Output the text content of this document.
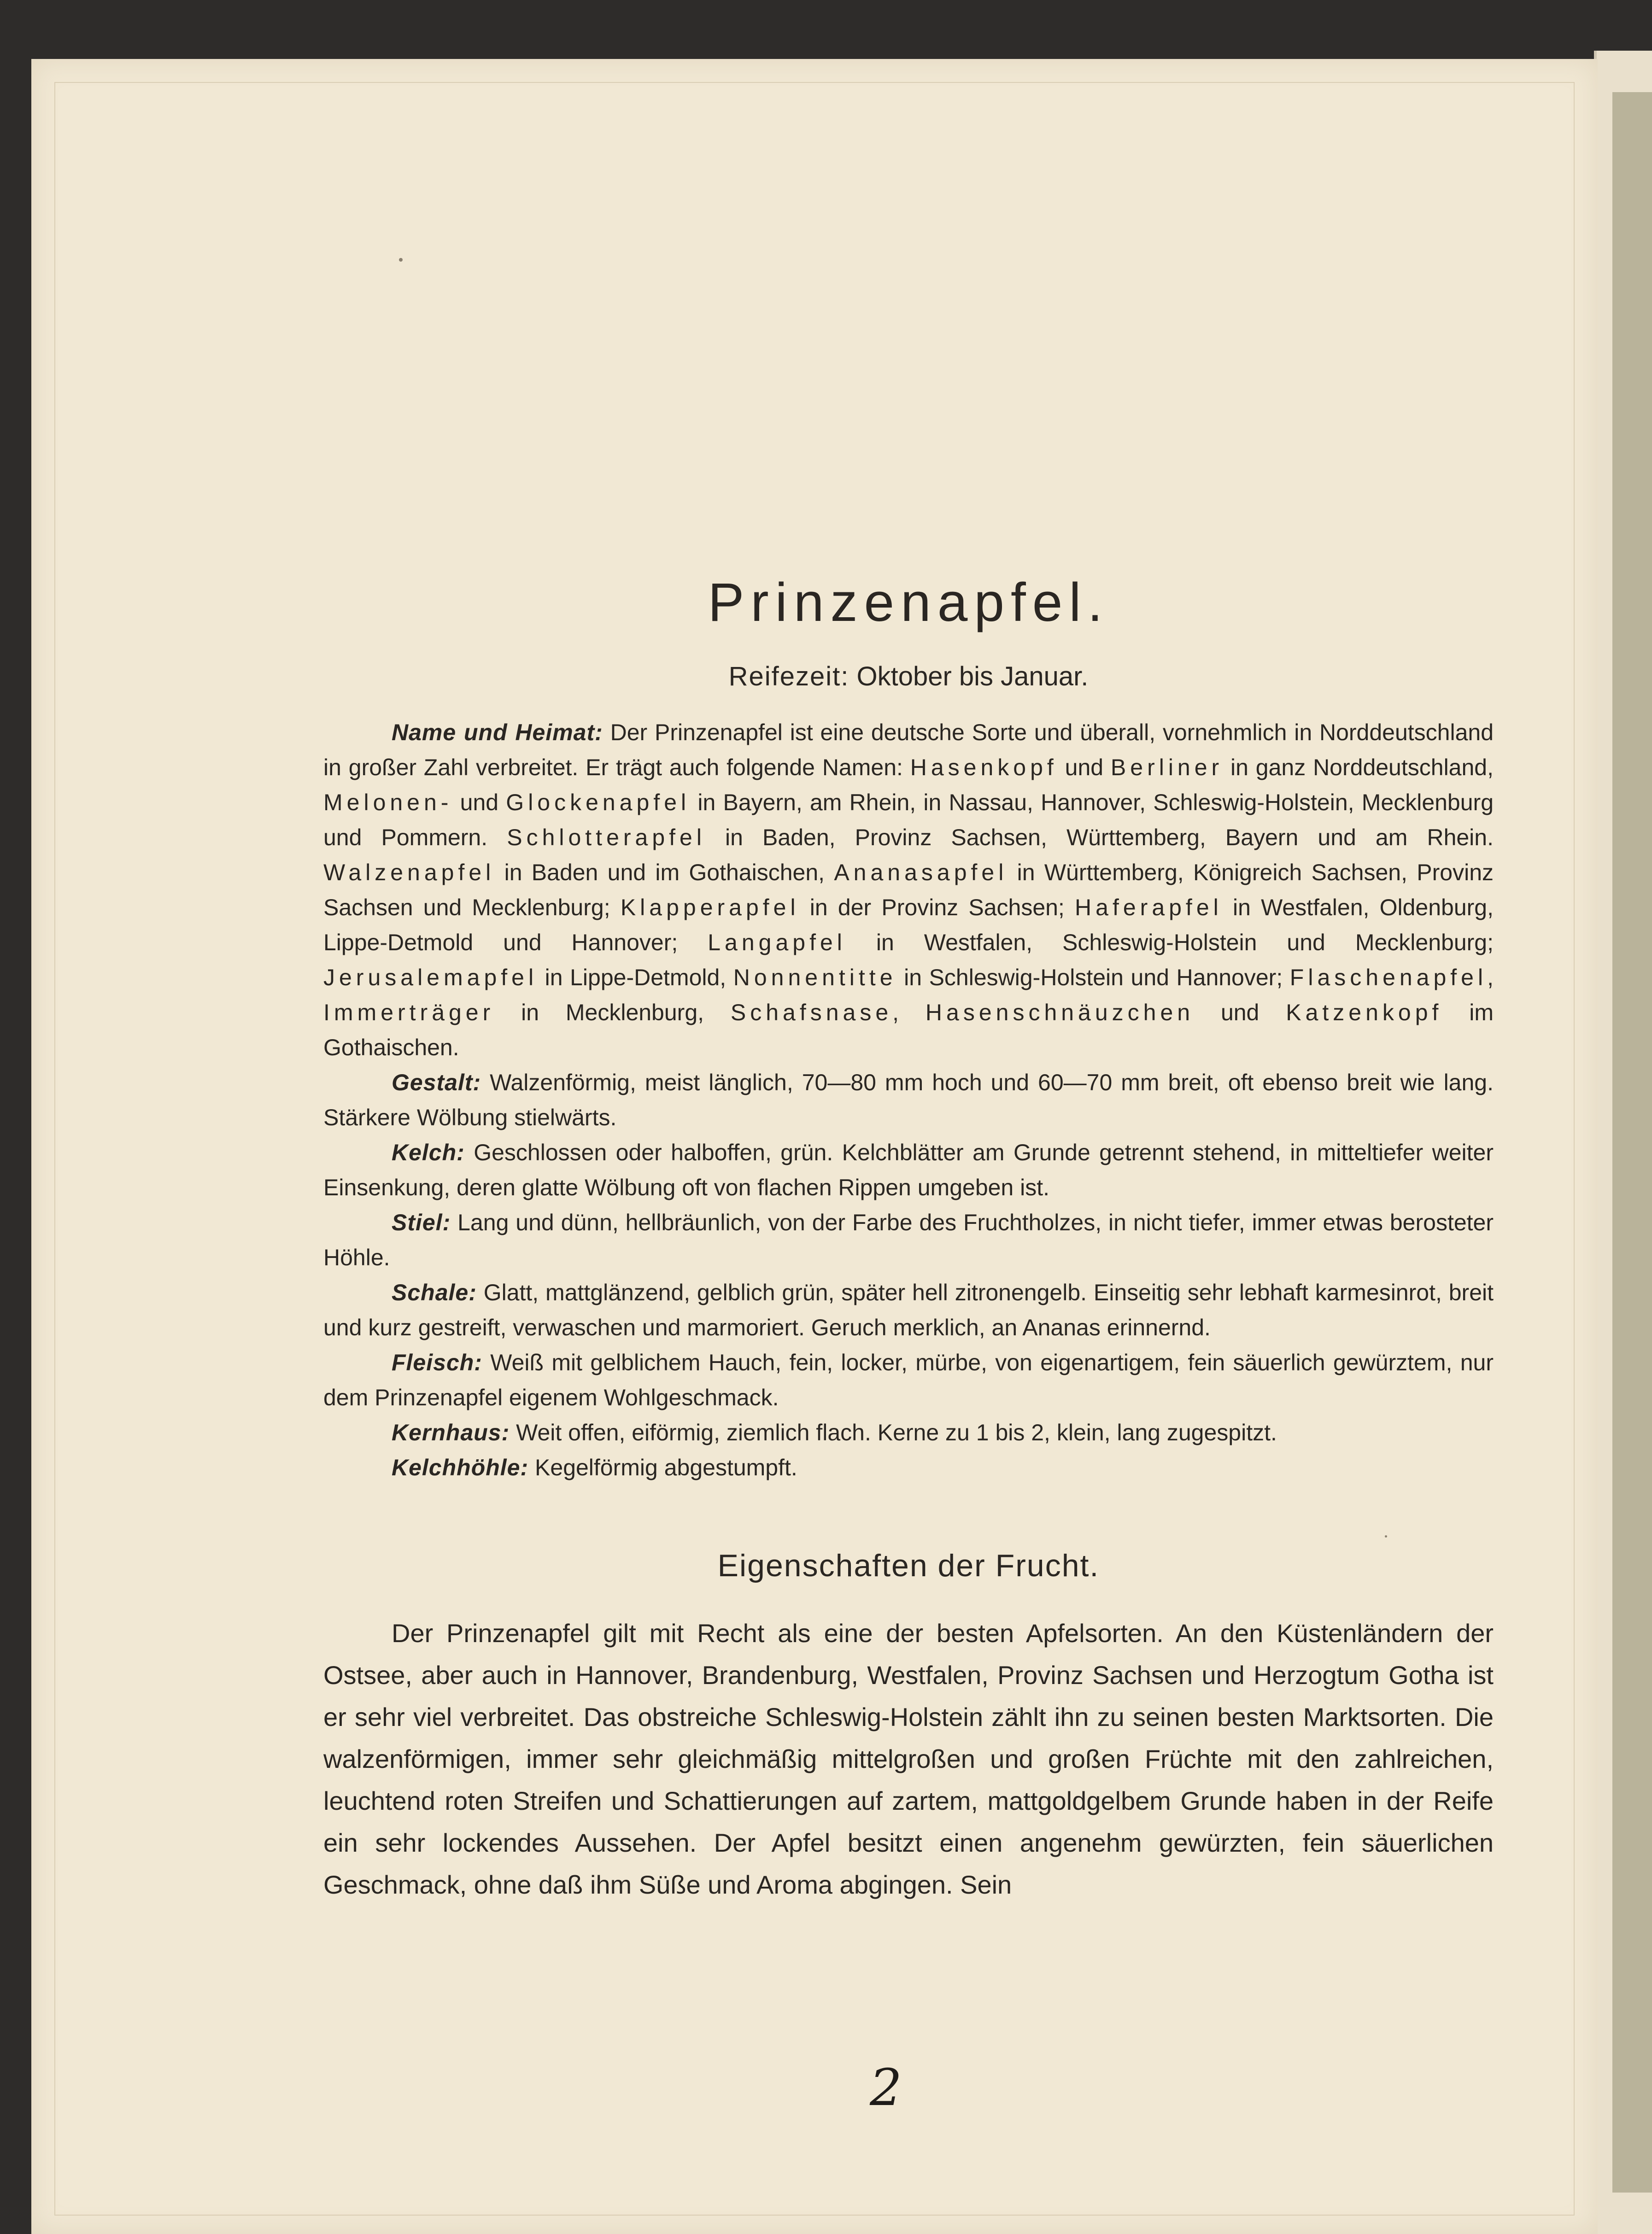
Prinzenapfel.
Reifezeit: Oktober bis Januar.

Name und Heimat: Der Prinzenapfel ist eine deutsche Sorte und überall, vornehmlich in Norddeutschland in großer Zahl verbreitet. Er trägt auch folgende Namen: Hasenkopf und Berliner in ganz Norddeutschland, Melonen- und Glockenapfel in Bayern, am Rhein, in Nassau, Hannover, Schleswig-Holstein, Mecklenburg und Pommern. Schlotterapfel in Baden, Provinz Sachsen, Württemberg, Bayern und am Rhein. Walzenapfel in Baden und im Gothaischen, Ananasapfel in Württemberg, Königreich Sachsen, Provinz Sachsen und Mecklenburg; Klapperapfel in der Provinz Sachsen; Haferapfel in Westfalen, Oldenburg, Lippe-Detmold und Hannover; Langapfel in Westfalen, Schleswig-Holstein und Mecklenburg; Jerusalemapfel in Lippe-Detmold, Nonnentitte in Schleswig-Holstein und Hannover; Flaschenapfel, Immerträger in Mecklenburg, Schafsnase, Hasenschnäuzchen und Katzenkopf im Gothaischen.

Gestalt: Walzenförmig, meist länglich, 70—80 mm hoch und 60—70 mm breit, oft ebenso breit wie lang. Stärkere Wölbung stielwärts.

Kelch: Geschlossen oder halboffen, grün. Kelchblätter am Grunde getrennt stehend, in mitteltiefer weiter Einsenkung, deren glatte Wölbung oft von flachen Rippen umgeben ist.

Stiel: Lang und dünn, hellbräunlich, von der Farbe des Fruchtholzes, in nicht tiefer, immer etwas berosteter Höhle.

Schale: Glatt, mattglänzend, gelblich grün, später hell zitronengelb. Einseitig sehr lebhaft karmesinrot, breit und kurz gestreift, verwaschen und marmoriert. Geruch merklich, an Ananas erinnernd.

Fleisch: Weiß mit gelblichem Hauch, fein, locker, mürbe, von eigenartigem, fein säuerlich gewürztem, nur dem Prinzenapfel eigenem Wohlgeschmack.

Kernhaus: Weit offen, eiförmig, ziemlich flach. Kerne zu 1 bis 2, klein, lang zugespitzt.

Kelchhöhle: Kegelförmig abgestumpft.

Eigenschaften der Frucht.

Der Prinzenapfel gilt mit Recht als eine der besten Apfelsorten. An den Küstenländern der Ostsee, aber auch in Hannover, Brandenburg, Westfalen, Provinz Sachsen und Herzogtum Gotha ist er sehr viel verbreitet. Das obstreiche Schleswig-Holstein zählt ihn zu seinen besten Marktsorten. Die walzenförmigen, immer sehr gleichmäßig mittelgroßen und großen Früchte mit den zahlreichen, leuchtend roten Streifen und Schattierungen auf zartem, mattgoldgelbem Grunde haben in der Reife ein sehr lockendes Aussehen. Der Apfel besitzt einen angenehm gewürzten, fein säuerlichen Geschmack, ohne daß ihm Süße und Aroma abgingen. Sein

2
